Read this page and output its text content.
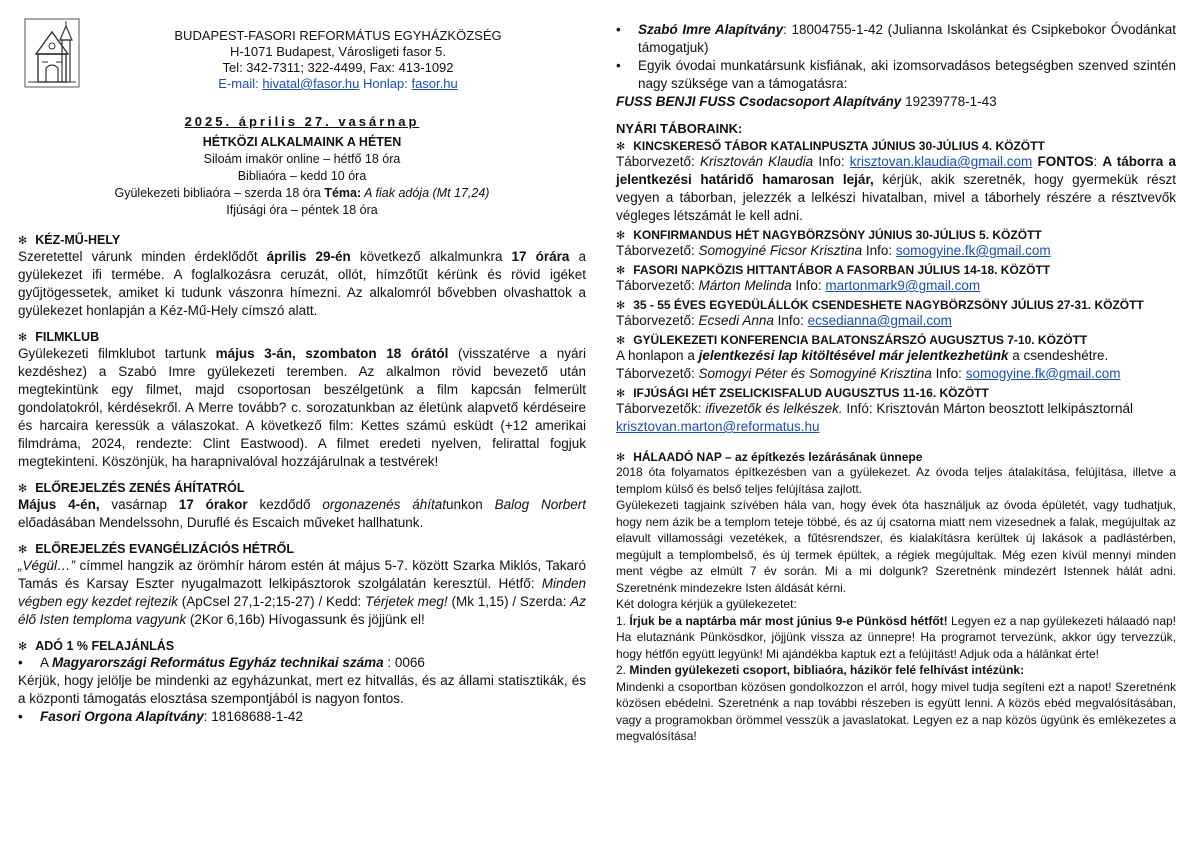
BUDAPEST-FASORI REFORMÁTUS EGYHÁZKÖZSÉG

H-1071 Budapest, Városligeti fasor 5.

Tel: 342-7311; 322-4499, Fax: 413-1092

E-mail: hivatal@fasor.hu Honlap: fasor.hu

2025. április 27. vasárnap

HÉTKÖZI ALKALMAINK A HÉTEN

Siloám imakör online – hétfő 18 óra

Bibliaóra – kedd 10 óra

Gyülekezeti bibliaóra – szerda 18 óra Téma: A fiak adója (Mt 17,24)

Ifjúsági óra – péntek 18 óra

✻ KÉZ-MŰ-HELY

Szeretettel várunk minden érdeklődőt április 29-én következő alkalmunkra 17 órára a gyülekezet ifi termébe. A foglalkozásra ceruzát, ollót, hímzőtűt kérünk és rövid igéket gyűjtögessetek, amiket ki tudunk vászonra hímezni. Az alkalomról bővebben olvashattok a gyülekezet honlapján a Kéz-Mű-Hely címszó alatt.

✻ FILMKLUB

Gyülekezeti filmklubot tartunk május 3-án, szombaton 18 órától (visszatérve a nyári kezdéshez) a Szabó Imre gyülekezeti teremben. Az alkalmon rövid bevezető után megtekintünk egy filmet, majd csoportosan beszélgetünk a film kapcsán felmerült gondolatokról, kérdésekről. A Merre tovább? c. sorozatunkban az életünk alapvető kérdéseire és harcaira keressük a válaszokat. A következő film: Kettes számú esküdt (+12 amerikai filmdráma, 2024, rendezte: Clint Eastwood). A filmet eredeti nyelven, felirattal fogjuk megtekinteni. Köszönjük, ha harapnivalóval hozzájárulnak a testvérek!

✻ ELŐREJELZÉS ZENÉS ÁHÍTATRÓL

Május 4-én, vasárnap 17 órakor kezdődő orgonazenés áhítatunkon Balog Norbert előadásában Mendelssohn, Duruflé és Escaich műveket hallhatunk.

✻ ELŐREJELZÉS EVANGÉLIZÁCIÓS HÉTRŐL

„Végül…” címmel hangzik az örömhír három estén át május 5-7. között Szarka Miklós, Takaró Tamás és Karsay Eszter nyugalmazott lelkipásztorok szolgálatán keresztül. Hétfő: Minden végben egy kezdet rejtezik (ApCsel 27,1-2;15-27) / Kedd: Térjetek meg! (Mk 1,15) / Szerda: Az élő Isten temploma vagyunk (2Kor 6,16b) Hívogassunk és jöjjünk el!

✻ ADÓ 1 % FELAJÁNLÁS
•	A Magyarországi Református Egyház technikai száma : 0066

Kérjük, hogy jelölje be mindenki az egyházunkat, mert ez hitvallás, és az állami statisztikák, és a központi támogatás elosztása szempontjából is nagyon fontos.

•	Fasori Orgona Alapítvány: 18168688-1-42
•	Szabó Imre Alapítvány: 18004755-1-42 (Julianna Iskolánkat és Csipkebokor Óvodánkat támogatjuk)
•	Egyik óvodai munkatársunk kisfiának, aki izomsorvadásos betegségben szenved szintén nagy szüksége van a támogatásra:

FUSS BENJI FUSS Csodacsoport Alapítvány 19239778-1-43

NYÁRI TÁBORAINK:

✻ KINCSKERESŐ TÁBOR KATALINPUSZTA JÚNIUS 30-JÚLIUS 4. KÖZÖTT

Táborvezető: Krisztován Klaudia Info: krisztovan.klaudia@gmail.com FONTOS: A táborra a jelentkezési határidő hamarosan lejár, kérjük, akik szeretnék, hogy gyermekük részt vegyen a táborban, jelezzék a lelkészi hivatalban, mivel a táborhely részére a résztvevők végleges létszámát le kell adni.

✻ KONFIRMANDUS HÉT NAGYBÖRZSÖNY JÚNIUS 30-JÚLIUS 5. KÖZÖTT

Táborvezető: Somogyiné Ficsor Krisztina Info: somogyine.fk@gmail.com

✻ FASORI NAPKÖZIS HITTANTÁBOR A FASORBAN JÚLIUS 14-18. KÖZÖTT

Táborvezető: Márton Melinda Info: martonmark9@gmail.com

✻ 35 - 55 ÉVES EGYEDÜLÁLLÓK CSENDESHETE NAGYBÖRZSÖNY JÚLIUS 27-31. KÖZÖTT

Táborvezető: Ecsedi Anna Info: ecsedianna@gmail.com

✻ GYÜLEKEZETI KONFERENCIA BALATONSZÁRSZÓ AUGUSZTUS 7-10. KÖZÖTT

A honlapon a jelentkezési lap kitöltésével már jelentkezhetünk a csendeshétre.

Táborvezető: Somogyi Péter és Somogyiné Krisztina Info: somogyine.fk@gmail.com

✻ IFJÚSÁGI HÉT ZSELICKISFALUD AUGUSZTUS 11-16. KÖZÖTT

Táborvezetők: ifivezetők és lelkészek. Infó: Krisztován Márton beosztott lelkipásztornál krisztovan.marton@reformatus.hu

✻ HÁLAADÓ NAP – az építkezés lezárásának ünnepe

2018 óta folyamatos építkezésben van a gyülekezet. Az óvoda teljes átalakítása, felújítása, illetve a templom külső és belső teljes felújítása zajlott.

Gyülekezeti tagjaink szívében hála van, hogy évek óta használjuk az óvoda épületét, vagy tudhatjuk, hogy nem ázik be a templom teteje többé, és az új csatorna miatt nem vizesednek a falak, megújultak az elavult villamossági vezetékek, a fűtésrendszer, és kialakításra kerültek új lakások a padlástérben, megújult a templombelső, és új termek épültek, a régiek megújultak. Még ezen kívül mennyi minden ment végbe az elmúlt 7 év során. Mi a mi dolgunk? Szeretnénk mindezért Istennek hálát adni. Szeretnénk mindezekre Isten áldását kérni.

Két dologra kérjük a gyülekezetet:

1. Írjuk be a naptárba már most június 9-e Pünkösd hétfőt! Legyen ez a nap gyülekezeti hálaadó nap! Ha elutaznánk Pünkösdkor, jöjjünk vissza az ünnepre! Ha programot tervezünk, akkor úgy tervezzük, hogy hétfőn együtt legyünk! Mi ajándékba kaptuk ezt a felújítást! Adjuk oda a hálánkat érte!

2. Minden gyülekezeti csoport, bibliaóra, házikör felé felhívást intézünk:

Mindenki a csoportban közösen gondolkozzon el arról, hogy mivel tudja segíteni ezt a napot! Szeretnénk közösen ebédelni. Szeretnénk a nap további részeben is együtt lenni. A közös ebéd megvalósításában, vagy a programokban örömmel vesszük a javaslatokat. Legyen ez a nap közös ügyünk és emlékezetes a megvalósítása!
